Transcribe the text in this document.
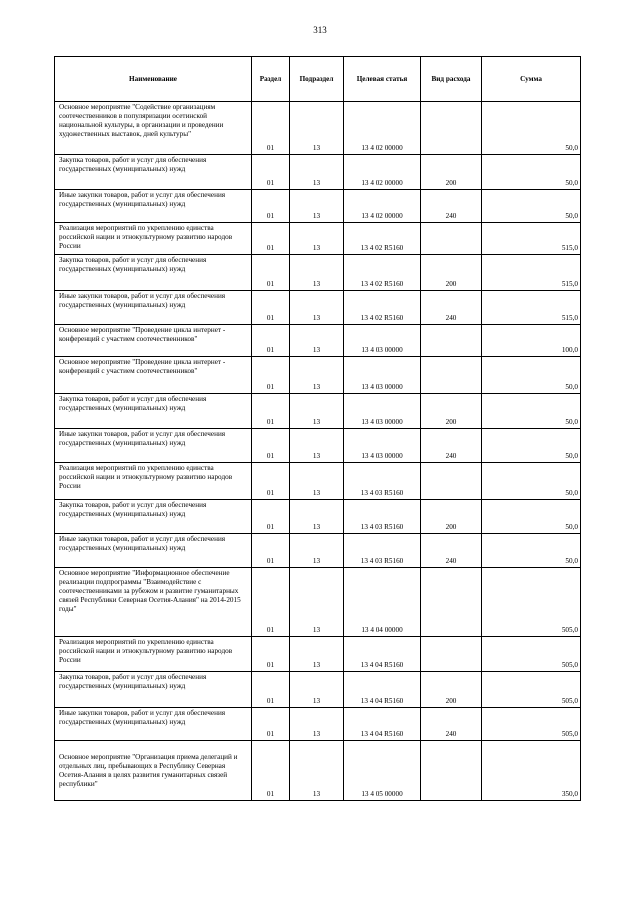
313
Наименование	Раздел	Подраздел	Целевая статья	Вид расхода	Сумма
Основное мероприятие "Содействие организациям соотечественников в популяризации осетинской национальной культуры, в организации и проведении художественных выставок, дней культуры"	01	13	13 4 02 00000		50,0
Закупка товаров, работ и услуг для обеспечения государственных (муниципальных) нужд	01	13	13 4 02 00000	200	50,0
Иные закупки товаров, работ и услуг для обеспечения государственных (муниципальных) нужд	01	13	13 4 02 00000	240	50,0
Реализация мероприятий по укреплению единства российской нации и этнокультурному развитию народов России	01	13	13 4 02 R5160		515,0
Закупка товаров, работ и услуг для обеспечения государственных (муниципальных) нужд	01	13	13 4 02 R5160	200	515,0
Иные закупки товаров, работ и услуг для обеспечения государственных (муниципальных) нужд	01	13	13 4 02 R5160	240	515,0
Основное мероприятие "Проведение цикла интернет - конференций с участием соотечественников"	01	13	13 4 03 00000		100,0
Основное мероприятие "Проведение цикла интернет - конференций с участием соотечественников"	01	13	13 4 03 00000		50,0
Закупка товаров, работ и услуг для обеспечения государственных (муниципальных) нужд	01	13	13 4 03 00000	200	50,0
Иные закупки товаров, работ и услуг для обеспечения государственных (муниципальных) нужд	01	13	13 4 03 00000	240	50,0
Реализация мероприятий по укреплению единства российской нации и этнокультурному развитию народов России	01	13	13 4 03 R5160		50,0
Закупка товаров, работ и услуг для обеспечения государственных (муниципальных) нужд	01	13	13 4 03 R5160	200	50,0
Иные закупки товаров, работ и услуг для обеспечения государственных (муниципальных) нужд	01	13	13 4 03 R5160	240	50,0
Основное мероприятие "Информационное обеспечение реализации подпрограммы "Взаимодействие с соотечественниками за рубежом и развитие гуманитарных связей Республики Северная Осетия-Алания" на 2014-2015 годы"	01	13	13 4 04 00000		505,0
Реализация мероприятий по укреплению единства российской нации и этнокультурному развитию народов России	01	13	13 4 04 R5160		505,0
Закупка товаров, работ и услуг для обеспечения государственных (муниципальных) нужд	01	13	13 4 04 R5160	200	505,0
Иные закупки товаров, работ и услуг для обеспечения государственных (муниципальных) нужд	01	13	13 4 04 R5160	240	505,0
Основное мероприятие "Организация приема делегаций и отдельных лиц, пребывающих в Республику Северная Осетия-Алания в целях развития гуманитарных связей республики"	01	13	13 4 05 00000		350,0
